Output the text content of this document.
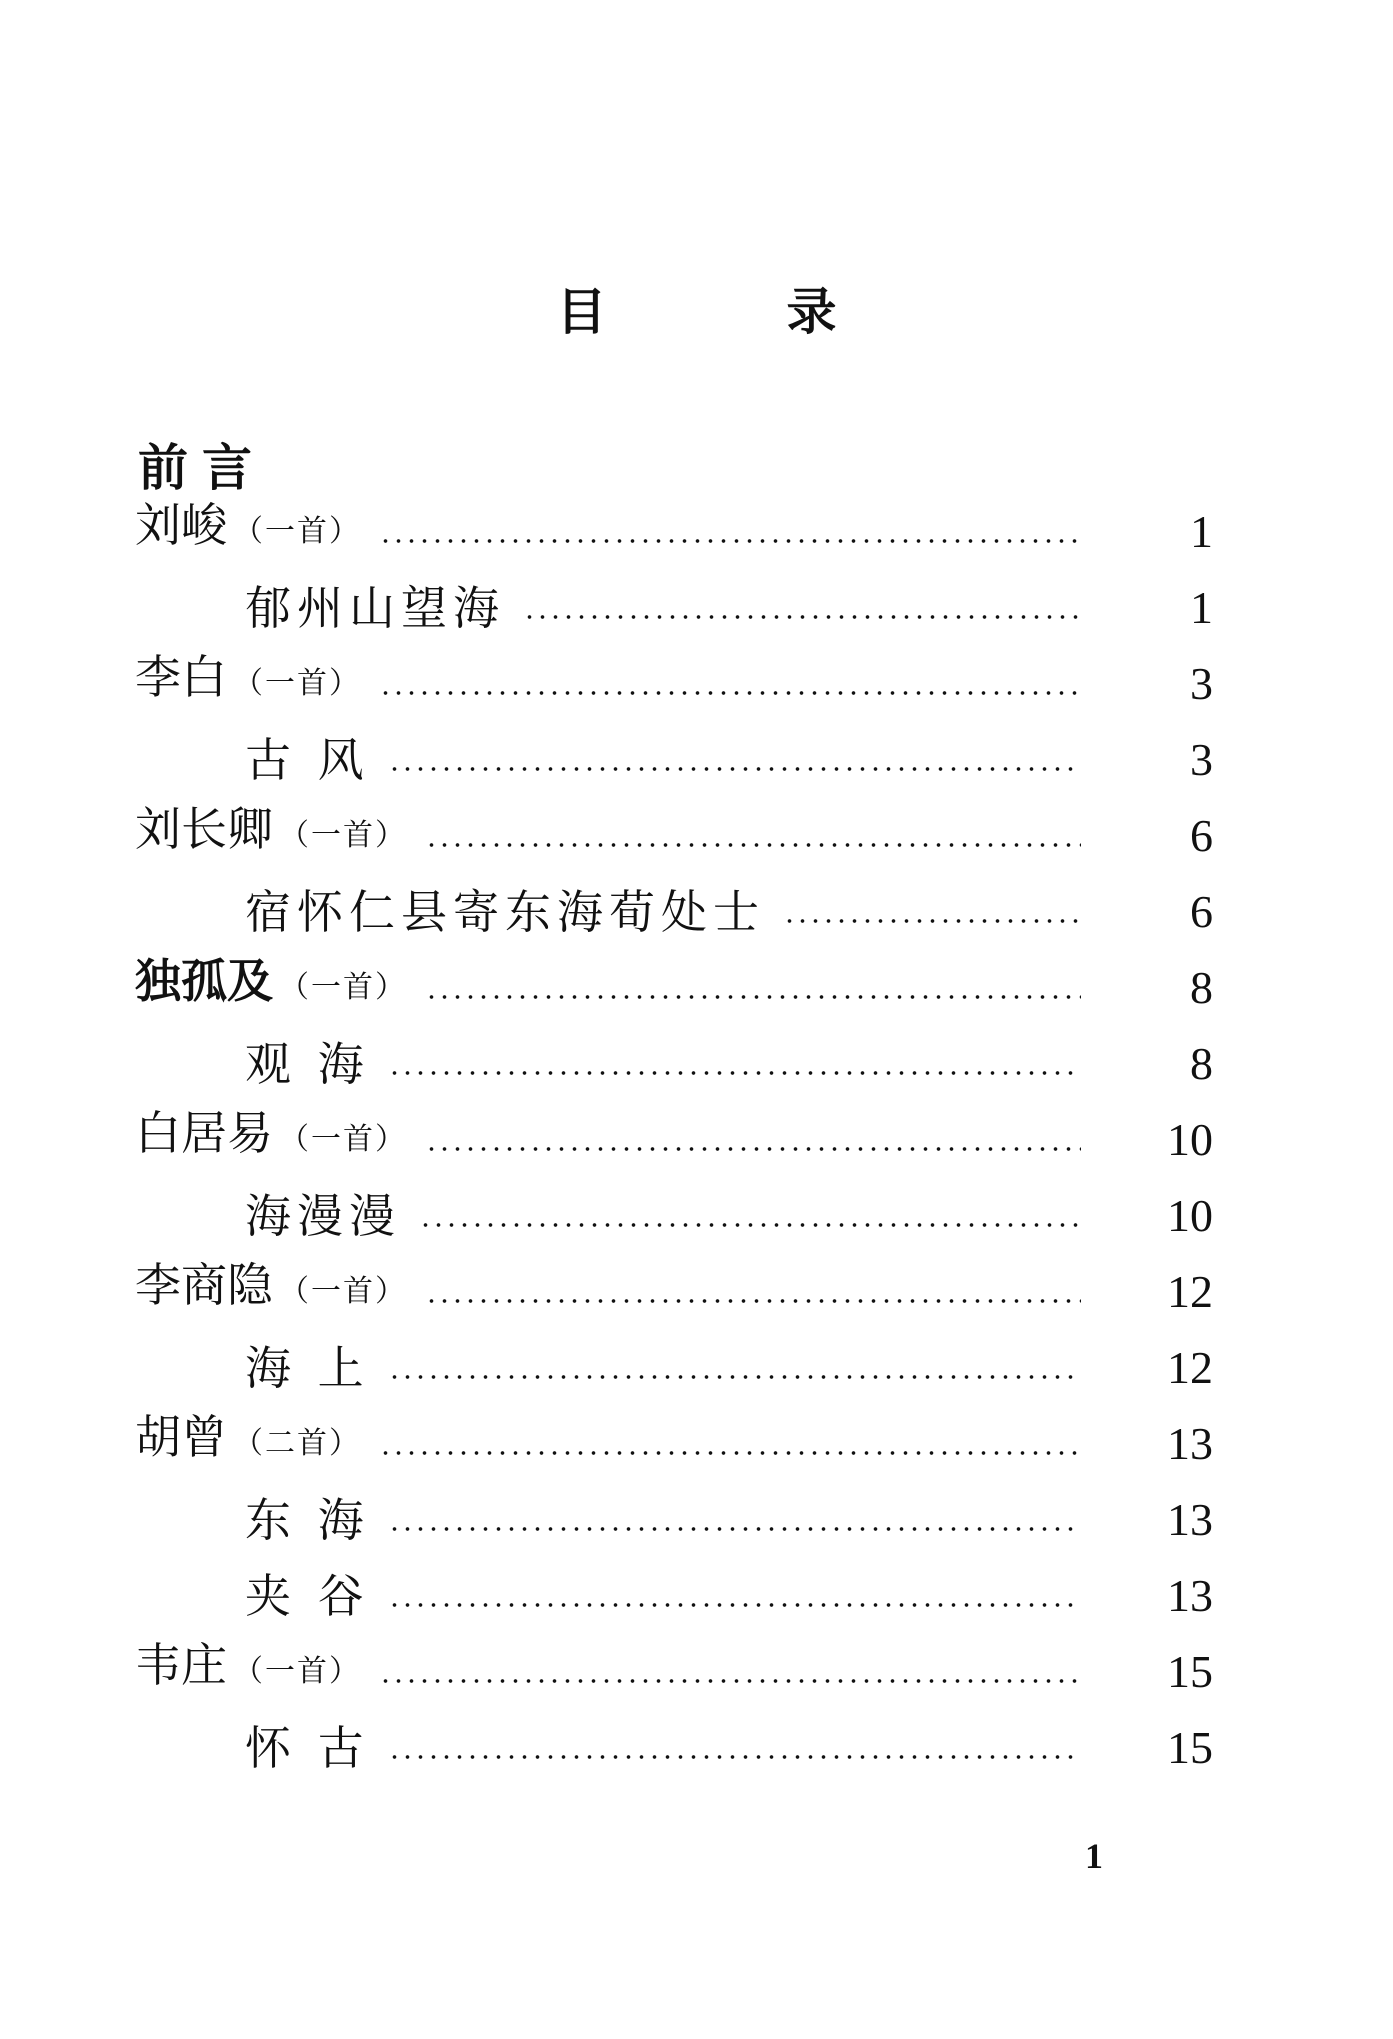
目	录
前言
刘峻 （一首）	1
郁州山望海	1
李白 （一首）	3
古 风	3
刘长卿 （一首）	6
宿怀仁县寄东海荀处士	6
独孤及 （一首）	8
观 海	8
白居易 （一首）	10
海漫漫	10
李商隐 （一首）	12
海 上	12
胡曾 （二首）	13
东 海	13
夹 谷	13
韦庄 （一首）	15
怀 古	15
1
